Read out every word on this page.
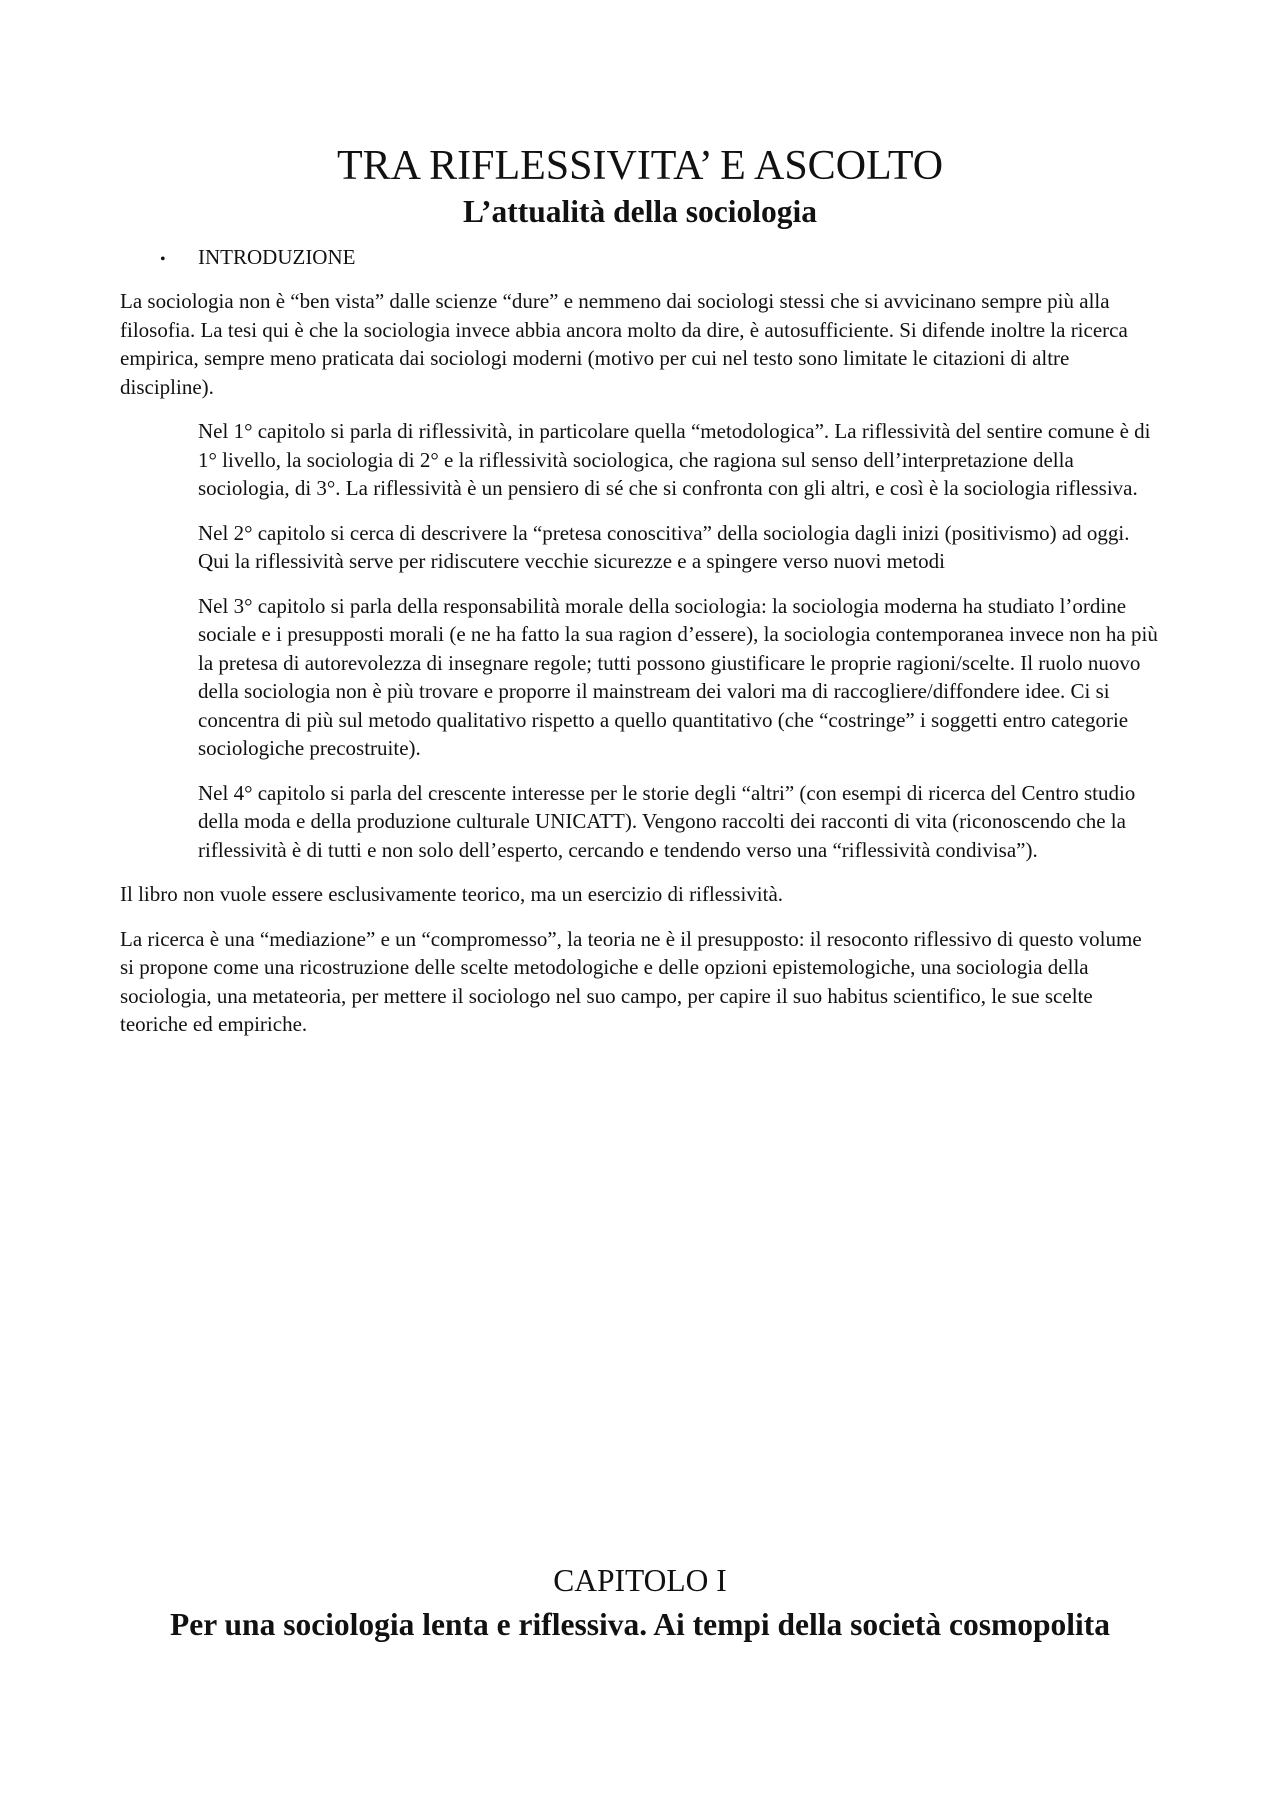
TRA RIFLESSIVITA’ E ASCOLTO
L’attualità della sociologia
• INTRODUZIONE

La sociologia non è “ben vista” dalle scienze “dure” e nemmeno dai sociologi stessi che si avvicinano sempre più alla filosofia. La tesi qui è che la sociologia invece abbia ancora molto da dire, è autosufficiente. Si difende inoltre la ricerca empirica, sempre meno praticata dai sociologi moderni (motivo per cui nel testo sono limitate le citazioni di altre discipline).

Nel 1° capitolo si parla di riflessività, in particolare quella “metodologica”. La riflessività del sentire comune è di 1° livello, la sociologia di 2° e la riflessività sociologica, che ragiona sul senso dell’interpretazione della sociologia, di 3°. La riflessività è un pensiero di sé che si confronta con gli altri, e così è la sociologia riflessiva.

Nel 2° capitolo si cerca di descrivere la “pretesa conoscitiva” della sociologia dagli inizi (positivismo) ad oggi. Qui la riflessività serve per ridiscutere vecchie sicurezze e a spingere verso nuovi metodi

Nel 3° capitolo si parla della responsabilità morale della sociologia: la sociologia moderna ha studiato l’ordine sociale e i presupposti morali (e ne ha fatto la sua ragion d’essere), la sociologia contemporanea invece non ha più la pretesa di autorevolezza di insegnare regole; tutti possono giustificare le proprie ragioni/scelte. Il ruolo nuovo della sociologia non è più trovare e proporre il mainstream dei valori ma di raccogliere/diffondere idee. Ci si concentra di più sul metodo qualitativo rispetto a quello quantitativo (che “costringe” i soggetti entro categorie sociologiche precostruite).

Nel 4° capitolo si parla del crescente interesse per le storie degli “altri” (con esempi di ricerca del Centro studio della moda e della produzione culturale UNICATT). Vengono raccolti dei racconti di vita (riconoscendo che la riflessività è di tutti e non solo dell’esperto, cercando e tendendo verso una “riflessività condivisa”).

Il libro non vuole essere esclusivamente teorico, ma un esercizio di riflessività.

La ricerca è una “mediazione” e un “compromesso”, la teoria ne è il presupposto: il resoconto riflessivo di questo volume si propone come una ricostruzione delle scelte metodologiche e delle opzioni epistemologiche, una sociologia della sociologia, una metateoria, per mettere il sociologo nel suo campo, per capire il suo habitus scientifico, le sue scelte teoriche ed empiriche.

CAPITOLO I
Per una sociologia lenta e riflessiva. Ai tempi della società cosmopolita
